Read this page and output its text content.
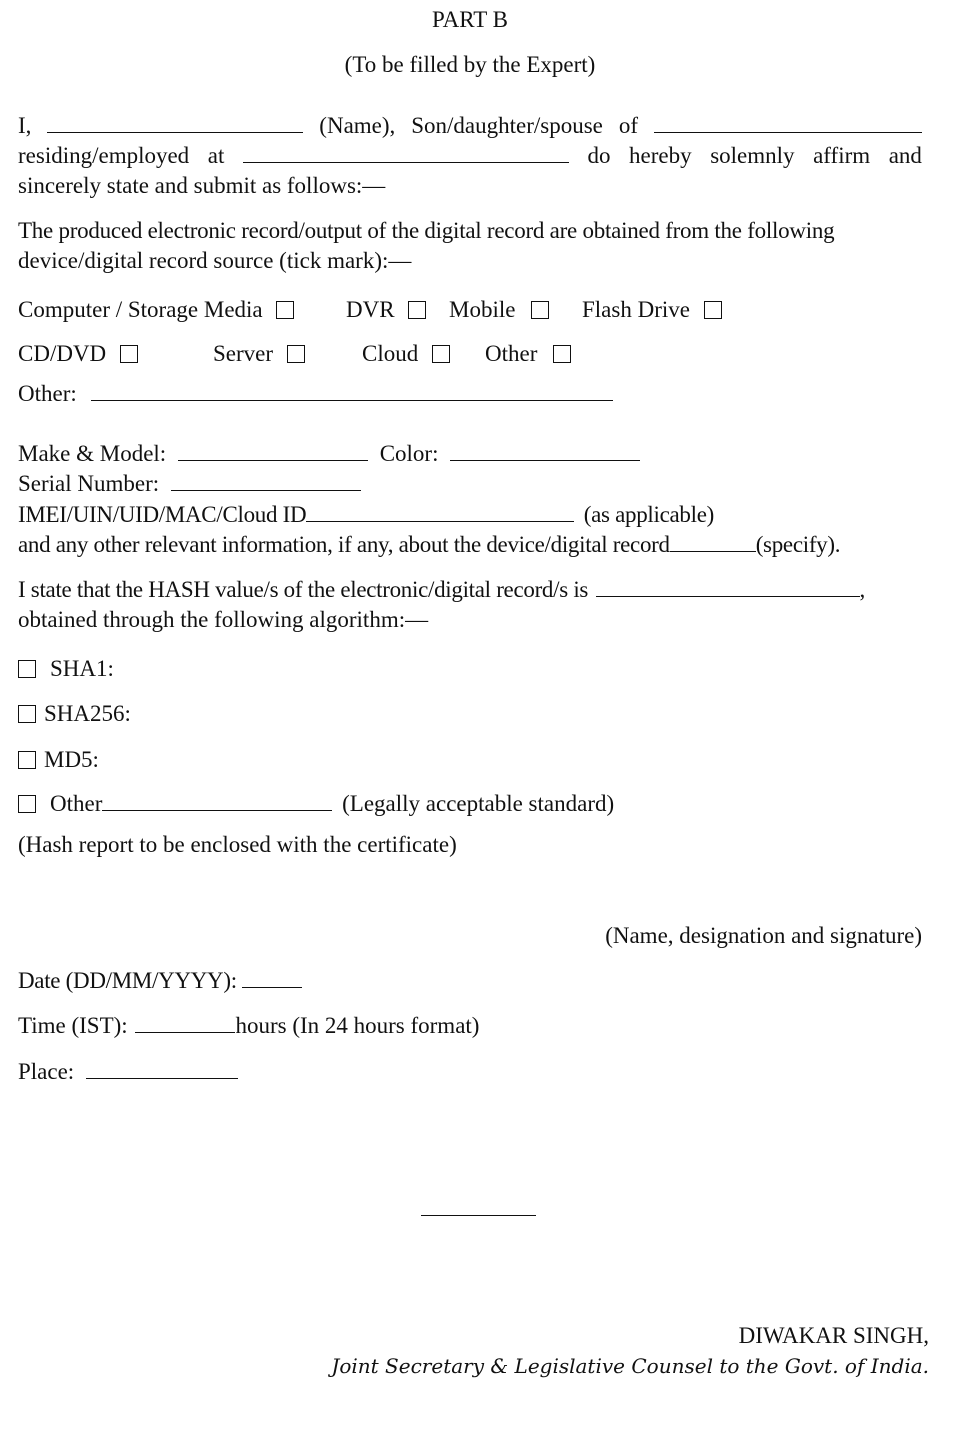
PART B
(To be filled by the Expert)
I,	(Name), Son/daughter/spouse of
residing/employed at	do hereby solemnly affirm and
sincerely state and submit as follows:—
The produced electronic record/output of the digital record are obtained from the following
device/digital record source (tick mark):—
Computer / Storage Media	DVR	Mobile	Flash Drive
CD/DVD	Server	Cloud	Other
Other:
Make & Model:	Color:
Serial Number:
IMEI/UIN/UID/MAC/Cloud ID	(as applicable)
and any other relevant information, if any, about the device/digital record	(specify).
I state that the HASH value/s of the electronic/digital record/s is	,
obtained through the following algorithm:—
SHA1:
SHA256:
MD5:
Other	(Legally acceptable standard)
(Hash report to be enclosed with the certificate)
(Name, designation and signature)
Date (DD/MM/YYYY):
Time (IST):	hours (In 24 hours format)
Place:
DIWAKAR SINGH,
Joint Secretary & Legislative Counsel to the Govt. of India.
